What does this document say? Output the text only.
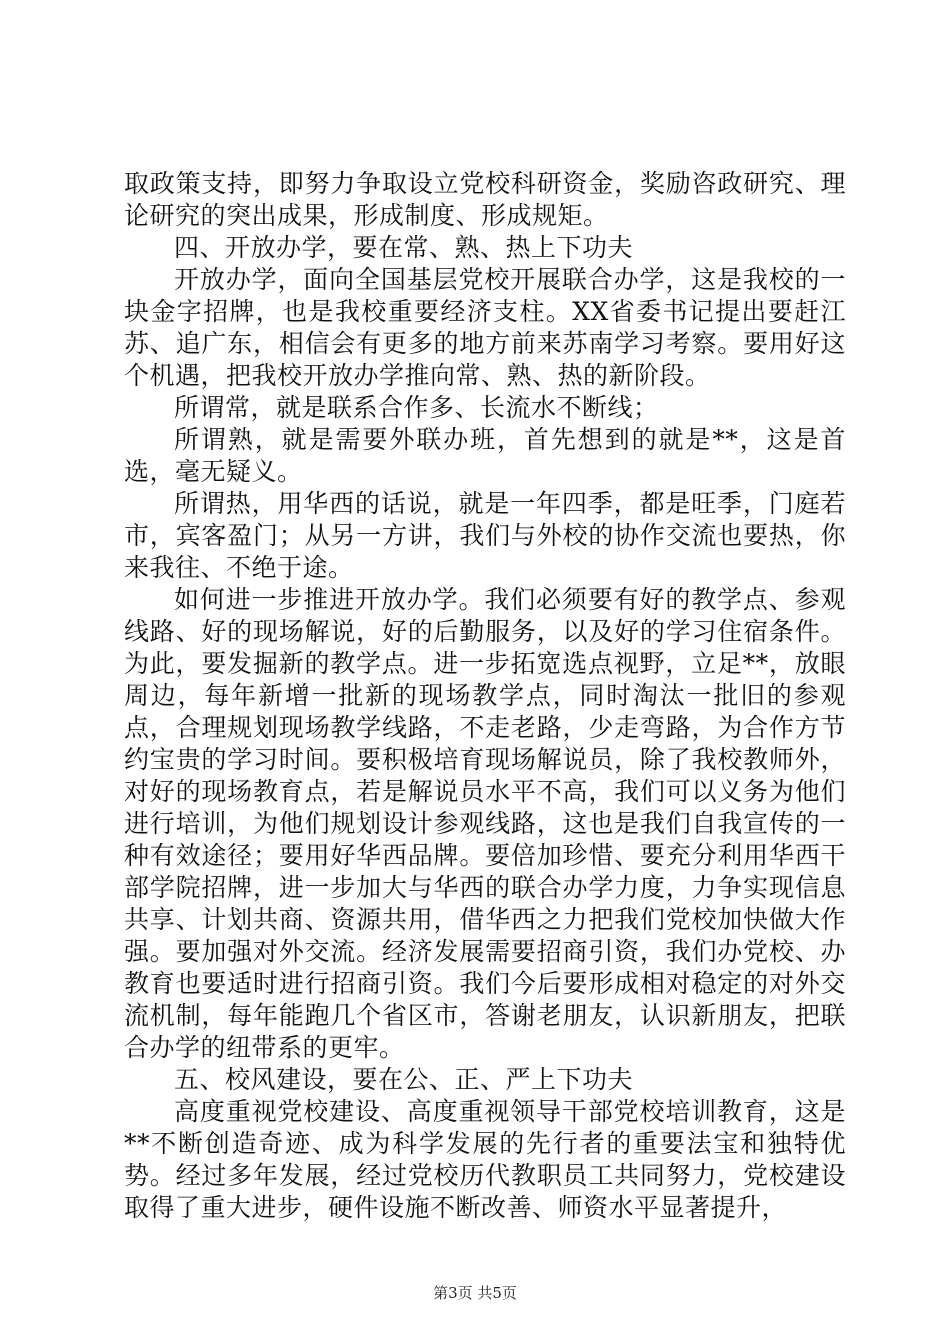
取政策支持，即努力争取设立党校科研资金，奖励咨政研究、理论研究的突出成果，形成制度、形成规矩。

四、开放办学，要在常、熟、热上下功夫

开放办学，面向全国基层党校开展联合办学，这是我校的一块金字招牌，也是我校重要经济支柱。XX省委书记提出要赶江苏、追广东，相信会有更多的地方前来苏南学习考察。要用好这个机遇，把我校开放办学推向常、熟、热的新阶段。

所谓常，就是联系合作多、长流水不断线；

所谓熟，就是需要外联办班，首先想到的就是**，这是首选，毫无疑义。

所谓热，用华西的话说，就是一年四季，都是旺季，门庭若市，宾客盈门；从另一方讲，我们与外校的协作交流也要热，你来我往、不绝于途。

如何进一步推进开放办学。我们必须要有好的教学点、参观线路、好的现场解说，好的后勤服务，以及好的学习住宿条件。为此，要发掘新的教学点。进一步拓宽选点视野，立足**，放眼周边，每年新增一批新的现场教学点，同时淘汰一批旧的参观点，合理规划现场教学线路，不走老路，少走弯路，为合作方节约宝贵的学习时间。要积极培育现场解说员，除了我校教师外，对好的现场教育点，若是解说员水平不高，我们可以义务为他们进行培训，为他们规划设计参观线路，这也是我们自我宣传的一种有效途径；要用好华西品牌。要倍加珍惜、要充分利用华西干部学院招牌，进一步加大与华西的联合办学力度，力争实现信息共享、计划共商、资源共用，借华西之力把我们党校加快做大作强。要加强对外交流。经济发展需要招商引资，我们办党校、办教育也要适时进行招商引资。我们今后要形成相对稳定的对外交流机制，每年能跑几个省区市，答谢老朋友，认识新朋友，把联合办学的纽带系的更牢。

五、校风建设，要在公、正、严上下功夫

高度重视党校建设、高度重视领导干部党校培训教育，这是**不断创造奇迹、成为科学发展的先行者的重要法宝和独特优势。经过多年发展，经过党校历代教职员工共同努力，党校建设取得了重大进步，硬件设施不断改善、师资水平显著提升，

第3页 共5页
